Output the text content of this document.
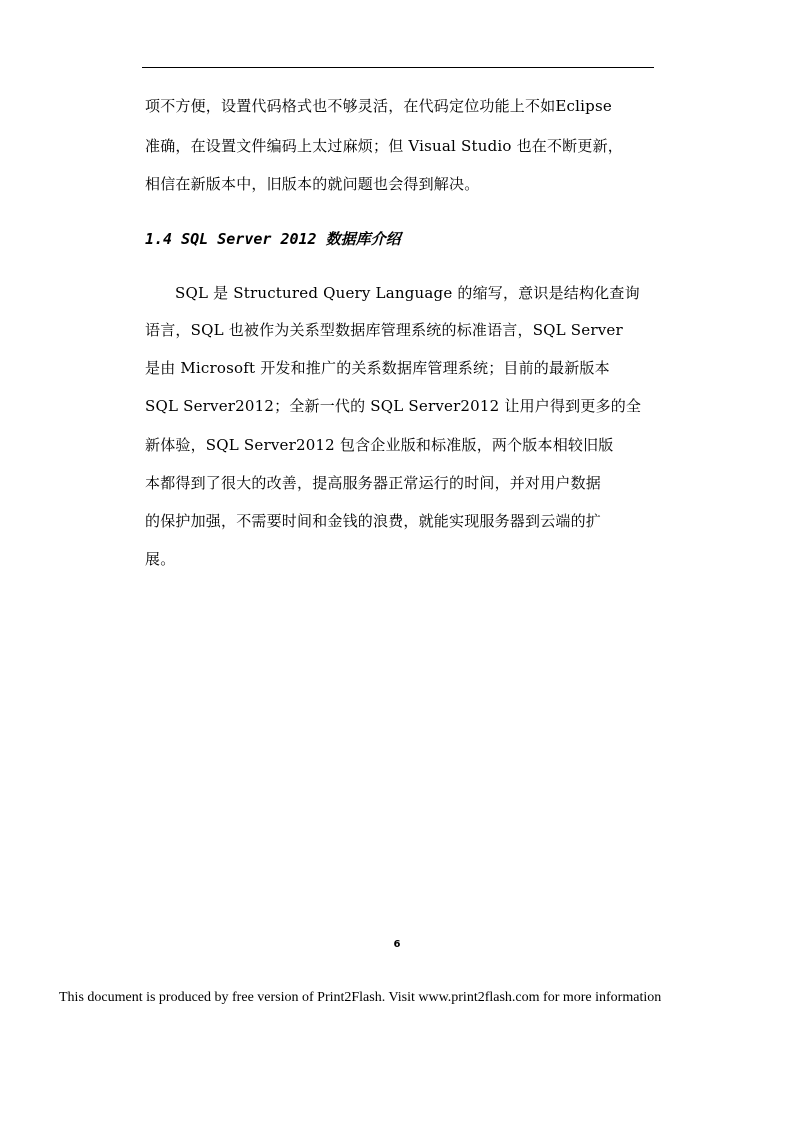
项不方便，设置代码格式也不够灵活，在代码定位功能上不如Eclipse
准确，在设置文件编码上太过麻烦；但 Visual Studio 也在不断更新，
相信在新版本中，旧版本的就问题也会得到解决。
1.4 SQL Server 2012 数据库介绍
SQL 是 Structured Query Language 的缩写，意识是结构化查询
语言，SQL 也被作为关系型数据库管理系统的标准语言，SQL Server
是由 Microsoft 开发和推广的关系数据库管理系统；目前的最新版本
SQL Server2012；全新一代的 SQL Server2012 让用户得到更多的全
新体验，SQL Server2012 包含企业版和标准版，两个版本相较旧版
本都得到了很大的改善，提高服务器正常运行的时间，并对用户数据
的保护加强，不需要时间和金钱的浪费，就能实现服务器到云端的扩
展。
6
This document is produced by free version of Print2Flash. Visit www.print2flash.com for more information
